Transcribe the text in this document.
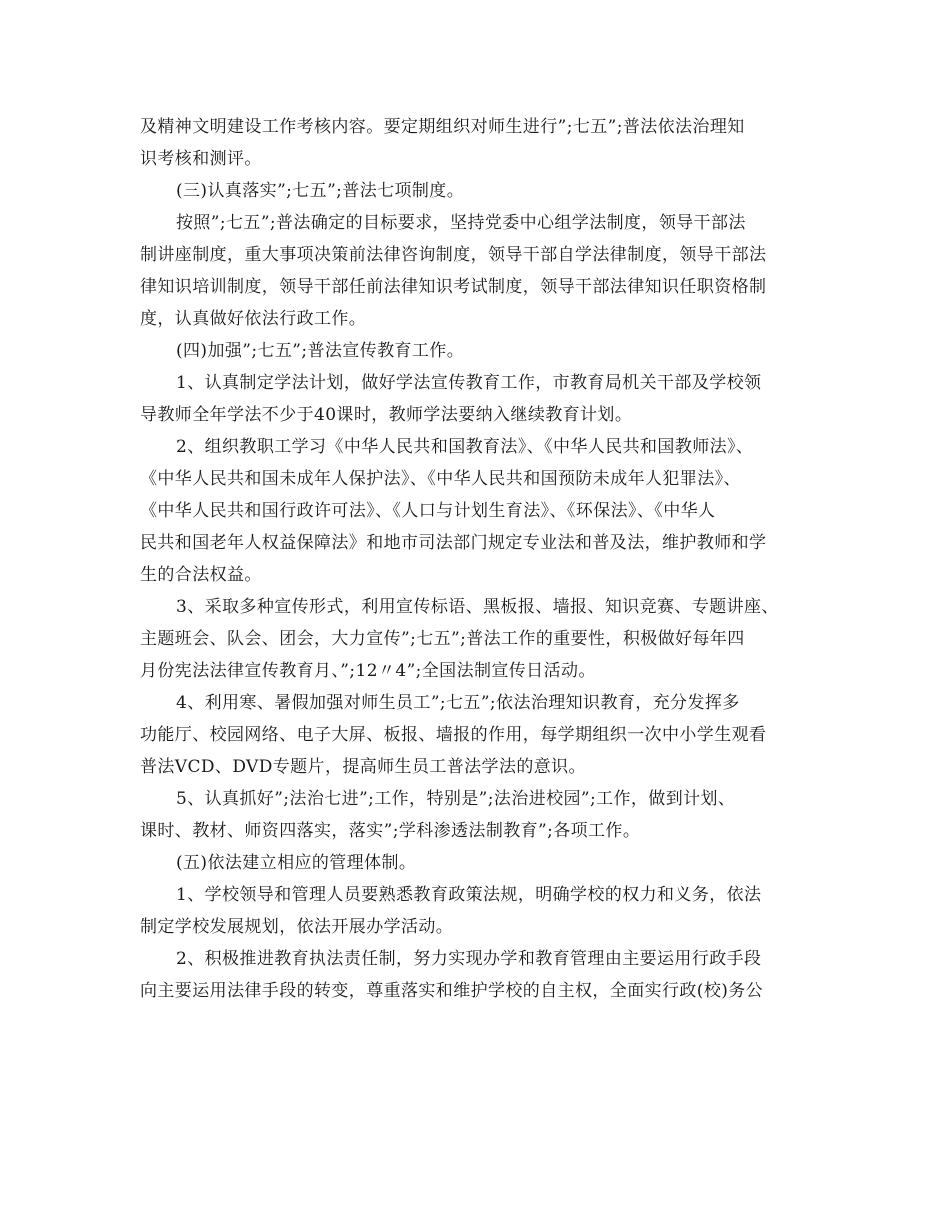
及精神文明建设工作考核内容。要定期组织对师生进行”;七五”;普法依法治理知
识考核和测评。
(三)认真落实”;七五”;普法七项制度。
按照”;七五”;普法确定的目标要求，坚持党委中心组学法制度，领导干部法
制讲座制度，重大事项决策前法律咨询制度，领导干部自学法律制度，领导干部法
律知识培训制度，领导干部任前法律知识考试制度，领导干部法律知识任职资格制
度，认真做好依法行政工作。
(四)加强”;七五”;普法宣传教育工作。
1、认真制定学法计划，做好学法宣传教育工作，市教育局机关干部及学校领
导教师全年学法不少于40课时，教师学法要纳入继续教育计划。
2、组织教职工学习《中华人民共和国教育法》、《中华人民共和国教师法》、
《中华人民共和国未成年人保护法》、《中华人民共和国预防未成年人犯罪法》、
《中华人民共和国行政许可法》、《人口与计划生育法》、《环保法》、《中华人
民共和国老年人权益保障法》和地市司法部门规定专业法和普及法，维护教师和学
生的合法权益。
3、采取多种宣传形式，利用宣传标语、黑板报、墙报、知识竞赛、专题讲座、
主题班会、队会、团会，大力宣传”;七五”;普法工作的重要性，积极做好每年四
月份宪法法律宣传教育月、”;12〃4”;全国法制宣传日活动。
4、利用寒、暑假加强对师生员工”;七五”;依法治理知识教育，充分发挥多
功能厅、校园网络、电子大屏、板报、墙报的作用，每学期组织一次中小学生观看
普法VCD、DVD专题片，提高师生员工普法学法的意识。
5、认真抓好”;法治七进”;工作，特别是”;法治进校园”;工作，做到计划、
课时、教材、师资四落实，落实”;学科渗透法制教育”;各项工作。
(五)依法建立相应的管理体制。
1、学校领导和管理人员要熟悉教育政策法规，明确学校的权力和义务，依法
制定学校发展规划，依法开展办学活动。
2、积极推进教育执法责任制，努力实现办学和教育管理由主要运用行政手段
向主要运用法律手段的转变，尊重落实和维护学校的自主权，全面实行政(校)务公
